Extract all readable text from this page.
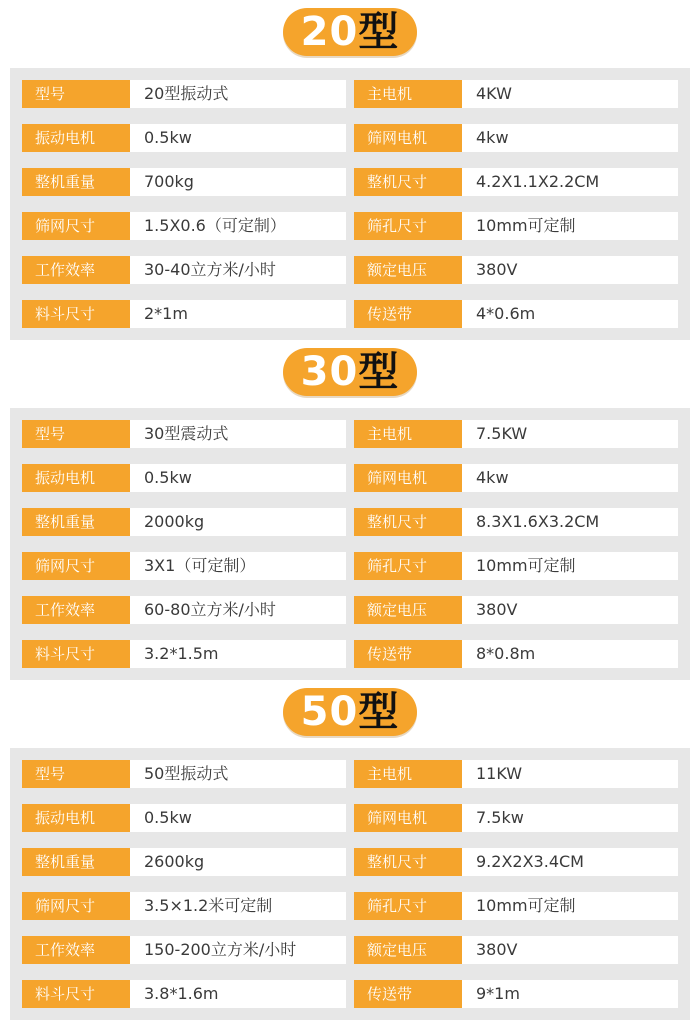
20型
型号	20型振动式	主电机	4KW
振动电机	0.5kw	筛网电机	4kw
整机重量	700kg	整机尺寸	4.2X1.1X2.2CM
筛网尺寸	1.5X0.6（可定制）	筛孔尺寸	10mm可定制
工作效率	30-40立方米/小时	额定电压	380V
料斗尺寸	2*1m	传送带	4*0.6m
30型
型号	30型震动式	主电机	7.5KW
振动电机	0.5kw	筛网电机	4kw
整机重量	2000kg	整机尺寸	8.3X1.6X3.2CM
筛网尺寸	3X1（可定制）	筛孔尺寸	10mm可定制
工作效率	60-80立方米/小时	额定电压	380V
料斗尺寸	3.2*1.5m	传送带	8*0.8m
50型
型号	50型振动式	主电机	11KW
振动电机	0.5kw	筛网电机	7.5kw
整机重量	2600kg	整机尺寸	9.2X2X3.4CM
筛网尺寸	3.5×1.2米可定制	筛孔尺寸	10mm可定制
工作效率	150-200立方米/小时	额定电压	380V
料斗尺寸	3.8*1.6m	传送带	9*1m
